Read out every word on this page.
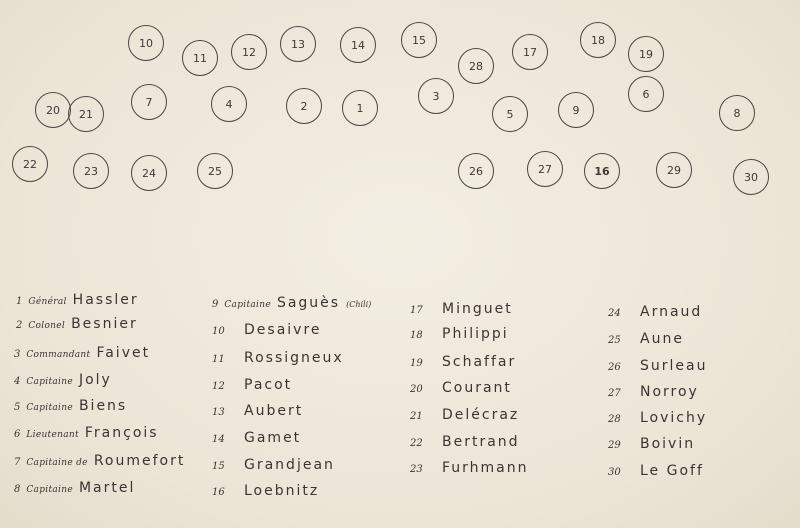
10
11	12
13	14	15
28
17
18
19
20 21
7	4	2	1
3
5	9
6
8
22
23	24	25	26	27	16	29
30
1 Général Hassler
2 Colonel Besnier
3 Commandant Faivet
4 Capitaine Joly
5 Capitaine Biens
6 Lieutenant François
7 Capitaine de Roumefort
8 Capitaine Martel
9 Capitaine Saguès (Chili)
10	Desaivre
11	Rossigneux
12	Pacot
13	Aubert
14	Gamet
15	Grandjean
16	Loebnitz
17	Minguet
18	Philippi
19	Schaffar
20	Courant
21	Delécraz
22	Bertrand
23	Furhmann
24	Arnaud
25	Aune
26	Surleau
27	Norroy
28	Lovichy
29	Boivin
30	Le Goff
